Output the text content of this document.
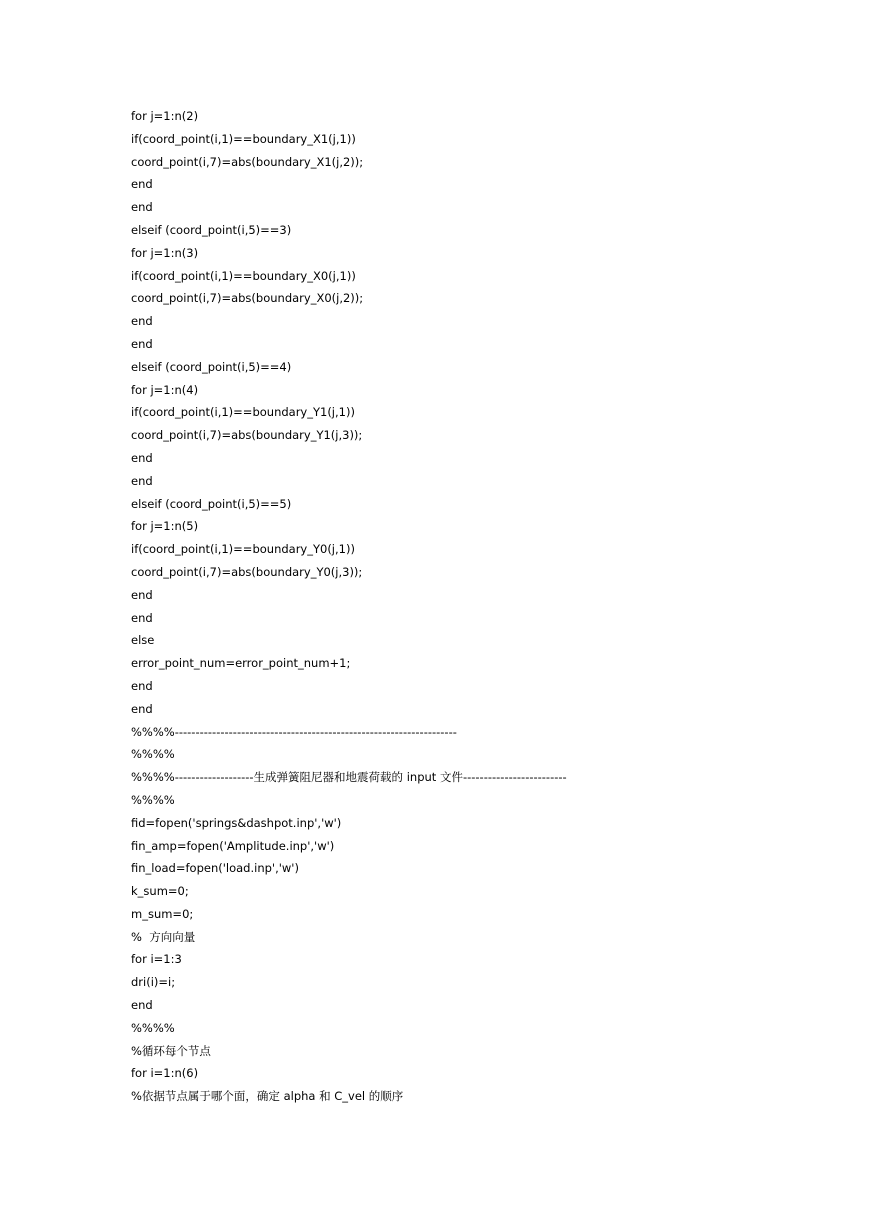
for j=1:n(2)
if(coord_point(i,1)==boundary_X1(j,1))
coord_point(i,7)=abs(boundary_X1(j,2));
end
end
elseif (coord_point(i,5)==3)
for j=1:n(3)
if(coord_point(i,1)==boundary_X0(j,1))
coord_point(i,7)=abs(boundary_X0(j,2));
end
end
elseif (coord_point(i,5)==4)
for j=1:n(4)
if(coord_point(i,1)==boundary_Y1(j,1))
coord_point(i,7)=abs(boundary_Y1(j,3));
end
end
elseif (coord_point(i,5)==5)
for j=1:n(5)
if(coord_point(i,1)==boundary_Y0(j,1))
coord_point(i,7)=abs(boundary_Y0(j,3));
end
end
else
error_point_num=error_point_num+1;
end
end
%%%%--------------------------------------------------------------------
%%%%
%%%%-------------------生成弹簧阻尼器和地震荷载的 input 文件-------------------------
%%%%
fid=fopen('springs&dashpot.inp','w')
fin_amp=fopen('Amplitude.inp','w')
fin_load=fopen('load.inp','w')
k_sum=0;
m_sum=0;
%  方向向量
for i=1:3
dri(i)=i;
end
%%%%
%循环每个节点
for i=1:n(6)
%依据节点属于哪个面，确定 alpha 和 C_vel 的顺序
